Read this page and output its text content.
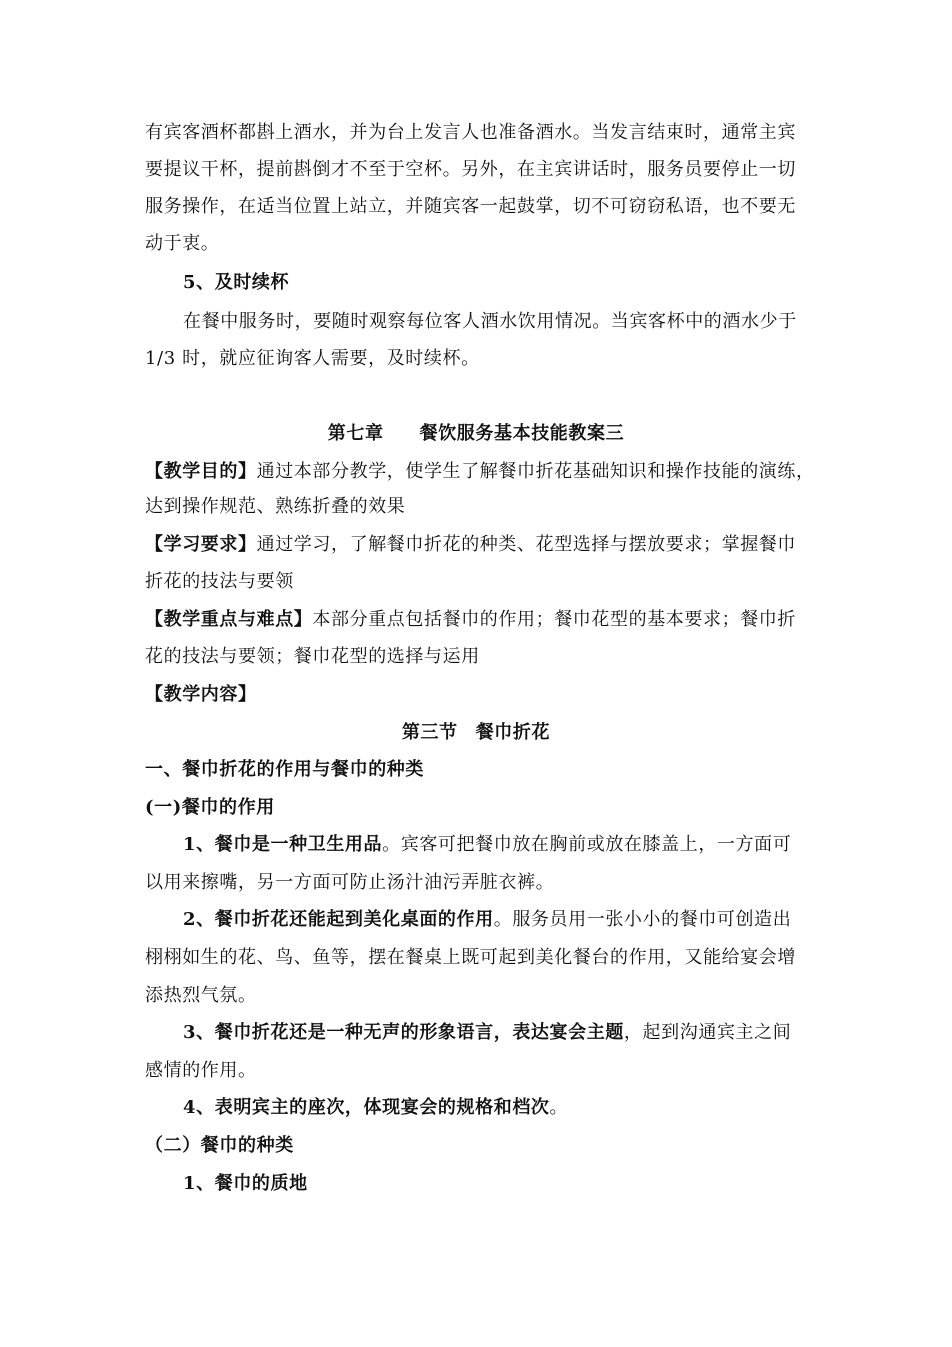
有宾客酒杯都斟上酒水，并为台上发言人也准备酒水。当发言结束时，通常主宾
要提议干杯，提前斟倒才不至于空杯。另外，在主宾讲话时，服务员要停止一切
服务操作，在适当位置上站立，并随宾客一起鼓掌，切不可窃窃私语，也不要无
动于衷。
5、及时续杯
在餐中服务时，要随时观察每位客人酒水饮用情况。当宾客杯中的酒水少于
1/3 时，就应征询客人需要，及时续杯。
第七章 餐饮服务基本技能教案三
【教学目的】通过本部分教学，使学生了解餐巾折花基础知识和操作技能的演练，
达到操作规范、熟练折叠的效果
【学习要求】通过学习，了解餐巾折花的种类、花型选择与摆放要求；掌握餐巾
折花的技法与要领
【教学重点与难点】本部分重点包括餐巾的作用；餐巾花型的基本要求；餐巾折
花的技法与要领；餐巾花型的选择与运用
【教学内容】
第三节 餐巾折花
一、餐巾折花的作用与餐巾的种类
(一)餐巾的作用
1、餐巾是一种卫生用品。宾客可把餐巾放在胸前或放在膝盖上，一方面可
以用来擦嘴，另一方面可防止汤汁油污弄脏衣裤。
2、餐巾折花还能起到美化桌面的作用。服务员用一张小小的餐巾可创造出
栩栩如生的花、鸟、鱼等，摆在餐桌上既可起到美化餐台的作用，又能给宴会增
添热烈气氛。
3、餐巾折花还是一种无声的形象语言，表达宴会主题，起到沟通宾主之间
感情的作用。
4、表明宾主的座次，体现宴会的规格和档次。
（二）餐巾的种类
1、餐巾的质地
